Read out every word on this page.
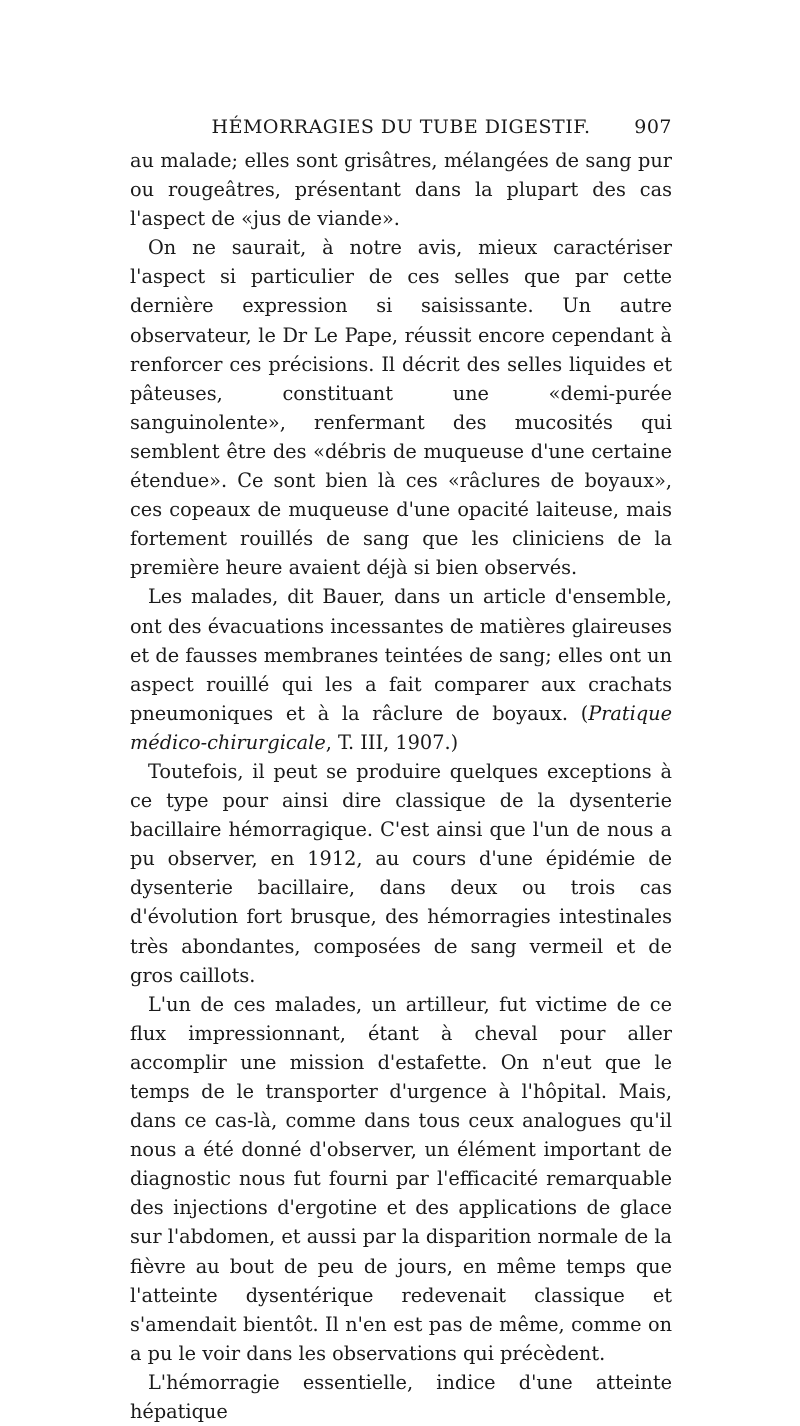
HÉMORRAGIES DU TUBE DIGESTIF.	907

au malade; elles sont grisâtres, mélangées de sang pur ou rougeâtres, présentant dans la plupart des cas l'aspect de «jus de viande».

On ne saurait, à notre avis, mieux caractériser l'aspect si particulier de ces selles que par cette dernière expression si saisissante. Un autre observateur, le Dr Le Pape, réussit encore cependant à renforcer ces précisions. Il décrit des selles liquides et pâteuses, constituant une «demi-purée sanguinolente», renfermant des mucosités qui semblent être des «débris de muqueuse d'une certaine étendue». Ce sont bien là ces «râclures de boyaux», ces copeaux de muqueuse d'une opacité laiteuse, mais fortement rouillés de sang que les cliniciens de la première heure avaient déjà si bien observés.

Les malades, dit Bauer, dans un article d'ensemble, ont des évacuations incessantes de matières glaireuses et de fausses membranes teintées de sang; elles ont un aspect rouillé qui les a fait comparer aux crachats pneumoniques et à la râclure de boyaux. (Pratique médico-chirurgicale, T. III, 1907.)

Toutefois, il peut se produire quelques exceptions à ce type pour ainsi dire classique de la dysenterie bacillaire hémorragique. C'est ainsi que l'un de nous a pu observer, en 1912, au cours d'une épidémie de dysenterie bacillaire, dans deux ou trois cas d'évolution fort brusque, des hémorragies intestinales très abondantes, composées de sang vermeil et de gros caillots.

L'un de ces malades, un artilleur, fut victime de ce flux impressionnant, étant à cheval pour aller accomplir une mission d'estafette. On n'eut que le temps de le transporter d'urgence à l'hôpital. Mais, dans ce cas-là, comme dans tous ceux analogues qu'il nous a été donné d'observer, un élément important de diagnostic nous fut fourni par l'efficacité remarquable des injections d'ergotine et des applications de glace sur l'abdomen, et aussi par la disparition normale de la fièvre au bout de peu de jours, en même temps que l'atteinte dysentérique redevenait classique et s'amendait bientôt. Il n'en est pas de même, comme on a pu le voir dans les observations qui précèdent.

L'hémorragie essentielle, indice d'une atteinte hépatique
